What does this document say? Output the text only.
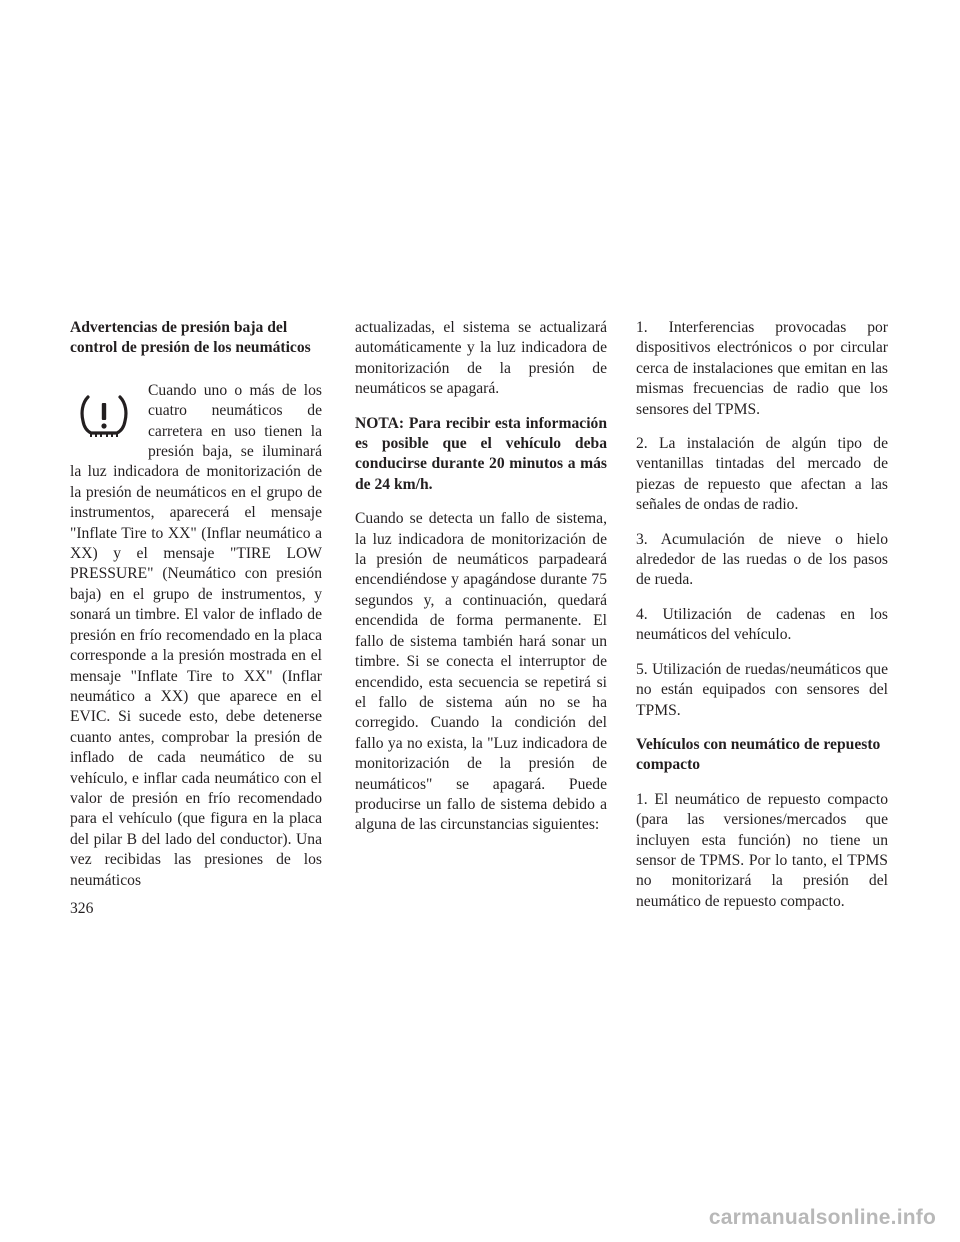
Advertencias de presión baja del control de presión de los neumáticos

Cuando uno o más de los cuatro neumáticos de carretera en uso tienen la presión baja, se iluminará la luz indicadora de monitorización de la presión de neumáticos en el grupo de instrumentos, aparecerá el mensaje "Inflate Tire to XX" (Inflar neumático a XX) y el mensaje "TIRE LOW PRESSURE" (Neumático con presión baja) en el grupo de instrumentos, y sonará un timbre. El valor de inflado de presión en frío recomendado en la placa corresponde a la presión mostrada en el mensaje "Inflate Tire to XX" (Inflar neumático a XX) que aparece en el EVIC. Si sucede esto, debe detenerse cuanto antes, comprobar la presión de inflado de cada neumático de su vehículo, e inflar cada neumático con el valor de presión en frío recomendado para el vehículo (que figura en la placa del pilar B del lado del conductor). Una vez recibidas las presiones de los neumáticos

actualizadas, el sistema se actualizará automáticamente y la luz indicadora de monitorización de la presión de neumáticos se apagará.

NOTA: Para recibir esta información es posible que el vehículo deba conducirse durante 20 minutos a más de 24 km/h.

Cuando se detecta un fallo de sistema, la luz indicadora de monitorización de la presión de neumáticos parpadeará encendiéndose y apagándose durante 75 segundos y, a continuación, quedará encendida de forma permanente. El fallo de sistema también hará sonar un timbre. Si se conecta el interruptor de encendido, esta secuencia se repetirá si el fallo de sistema aún no se ha corregido. Cuando la condición del fallo ya no exista, la "Luz indicadora de monitorización de la presión de neumáticos" se apagará. Puede producirse un fallo de sistema debido a alguna de las circunstancias siguientes:

1. Interferencias provocadas por dispositivos electrónicos o por circular cerca de instalaciones que emitan en las mismas frecuencias de radio que los sensores del TPMS.

2. La instalación de algún tipo de ventanillas tintadas del mercado de piezas de repuesto que afectan a las señales de ondas de radio.

3. Acumulación de nieve o hielo alrededor de las ruedas o de los pasos de rueda.

4. Utilización de cadenas en los neumáticos del vehículo.

5. Utilización de ruedas/neumáticos que no están equipados con sensores del TPMS.

Vehículos con neumático de repuesto compacto

1. El neumático de repuesto compacto (para las versiones/mercados que incluyen esta función) no tiene un sensor de TPMS. Por lo tanto, el TPMS no monitorizará la presión del neumático de repuesto compacto.

326
carmanualsonline.info
